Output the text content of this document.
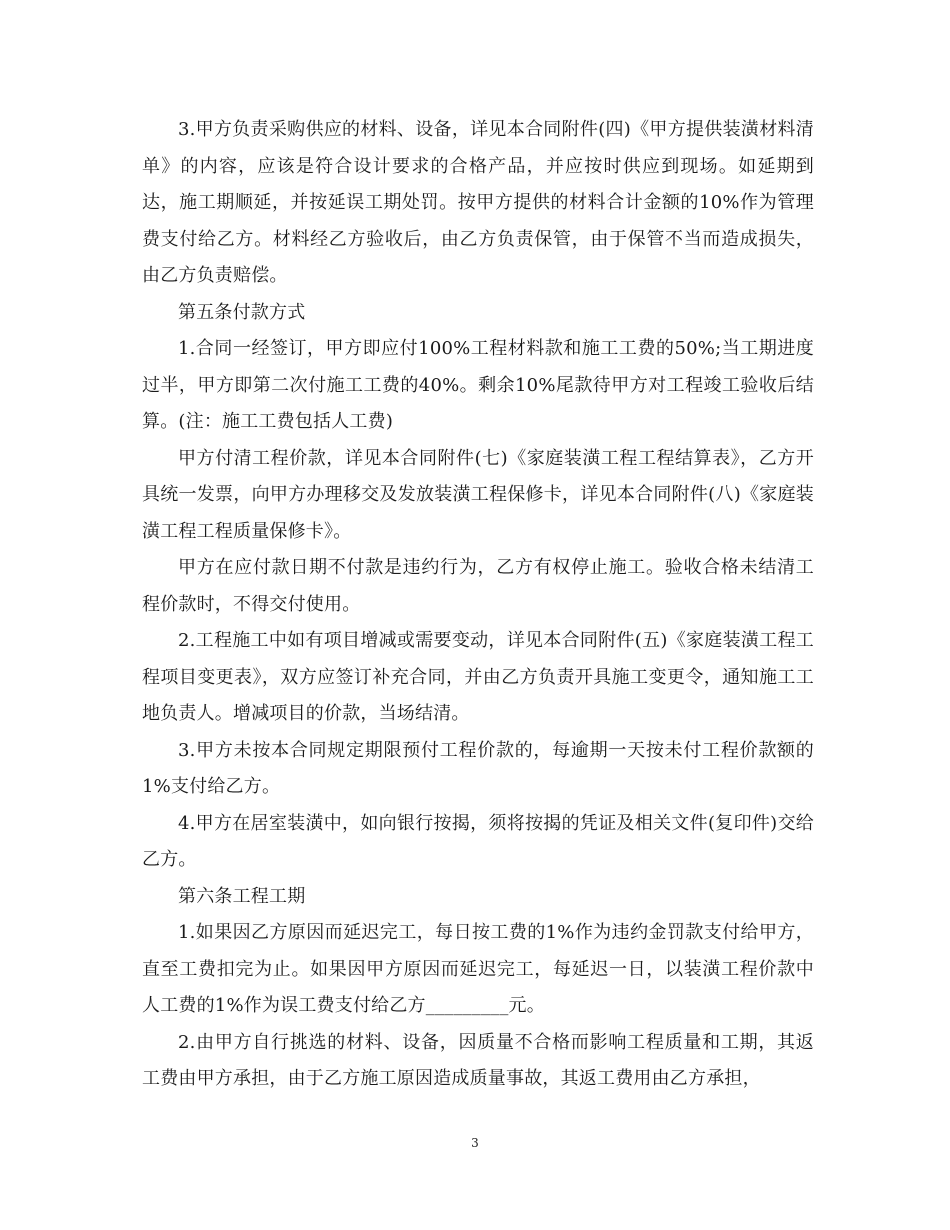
3.甲方负责采购供应的材料、设备，详见本合同附件(四)《甲方提供装潢材料清单》的内容，应该是符合设计要求的合格产品，并应按时供应到现场。如延期到达，施工期顺延，并按延误工期处罚。按甲方提供的材料合计金额的10%作为管理费支付给乙方。材料经乙方验收后，由乙方负责保管，由于保管不当而造成损失，由乙方负责赔偿。

第五条付款方式

1.合同一经签订，甲方即应付100%工程材料款和施工工费的50%;当工期进度过半，甲方即第二次付施工工费的40%。剩余10%尾款待甲方对工程竣工验收后结算。(注：施工工费包括人工费)

甲方付清工程价款，详见本合同附件(七)《家庭装潢工程工程结算表》，乙方开具统一发票，向甲方办理移交及发放装潢工程保修卡，详见本合同附件(八)《家庭装潢工程工程质量保修卡》。

甲方在应付款日期不付款是违约行为，乙方有权停止施工。验收合格未结清工程价款时，不得交付使用。

2.工程施工中如有项目增减或需要变动，详见本合同附件(五)《家庭装潢工程工程项目变更表》，双方应签订补充合同，并由乙方负责开具施工变更令，通知施工工地负责人。增减项目的价款，当场结清。

3.甲方未按本合同规定期限预付工程价款的，每逾期一天按未付工程价款额的1%支付给乙方。

4.甲方在居室装潢中，如向银行按揭，须将按揭的凭证及相关文件(复印件)交给乙方。

第六条工程工期

1.如果因乙方原因而延迟完工，每日按工费的1%作为违约金罚款支付给甲方，直至工费扣完为止。如果因甲方原因而延迟完工，每延迟一日，以装潢工程价款中人工费的1%作为误工费支付给乙方_________元。

2.由甲方自行挑选的材料、设备，因质量不合格而影响工程质量和工期，其返工费由甲方承担，由于乙方施工原因造成质量事故，其返工费用由乙方承担，

3
